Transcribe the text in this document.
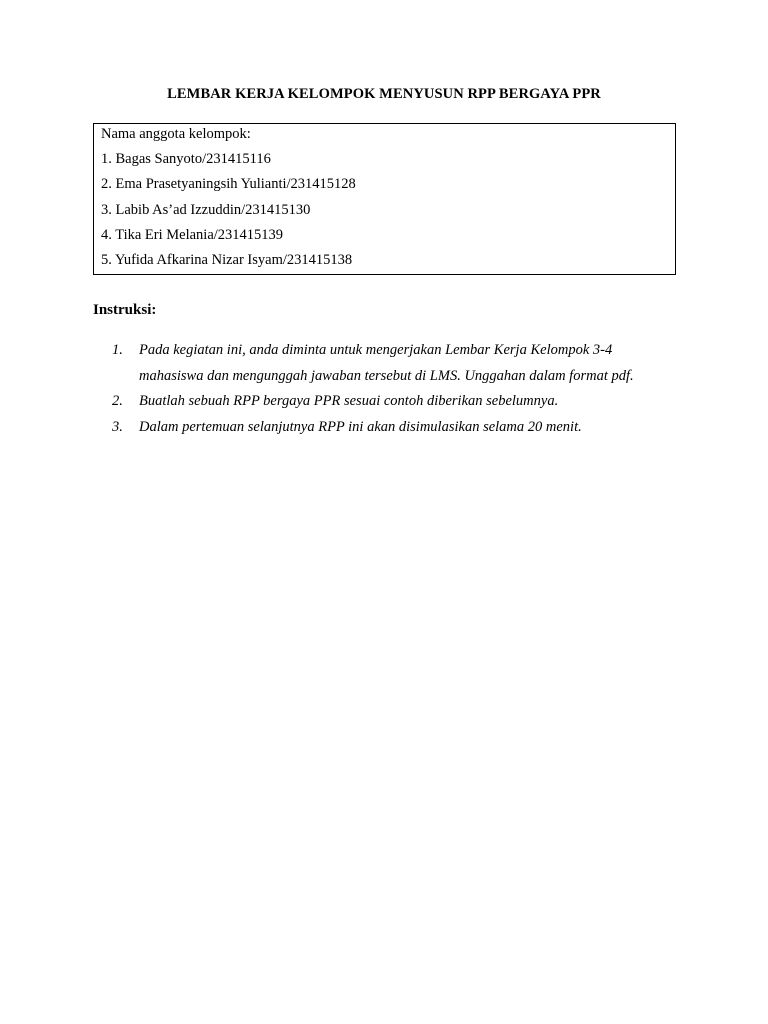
LEMBAR KERJA KELOMPOK MENYUSUN RPP BERGAYA PPR
Nama anggota kelompok:
1. Bagas Sanyoto/231415116
2. Ema Prasetyaningsih Yulianti/231415128
3. Labib As’ad Izzuddin/231415130
4. Tika Eri Melania/231415139
5. Yufida Afkarina Nizar Isyam/231415138
Instruksi:
1. Pada kegiatan ini, anda diminta untuk mengerjakan Lembar Kerja Kelompok 3-4
mahasiswa dan mengunggah jawaban tersebut di LMS. Unggahan dalam format pdf.
2. Buatlah sebuah RPP bergaya PPR sesuai contoh diberikan sebelumnya.
3. Dalam pertemuan selanjutnya RPP ini akan disimulasikan selama 20 menit.
